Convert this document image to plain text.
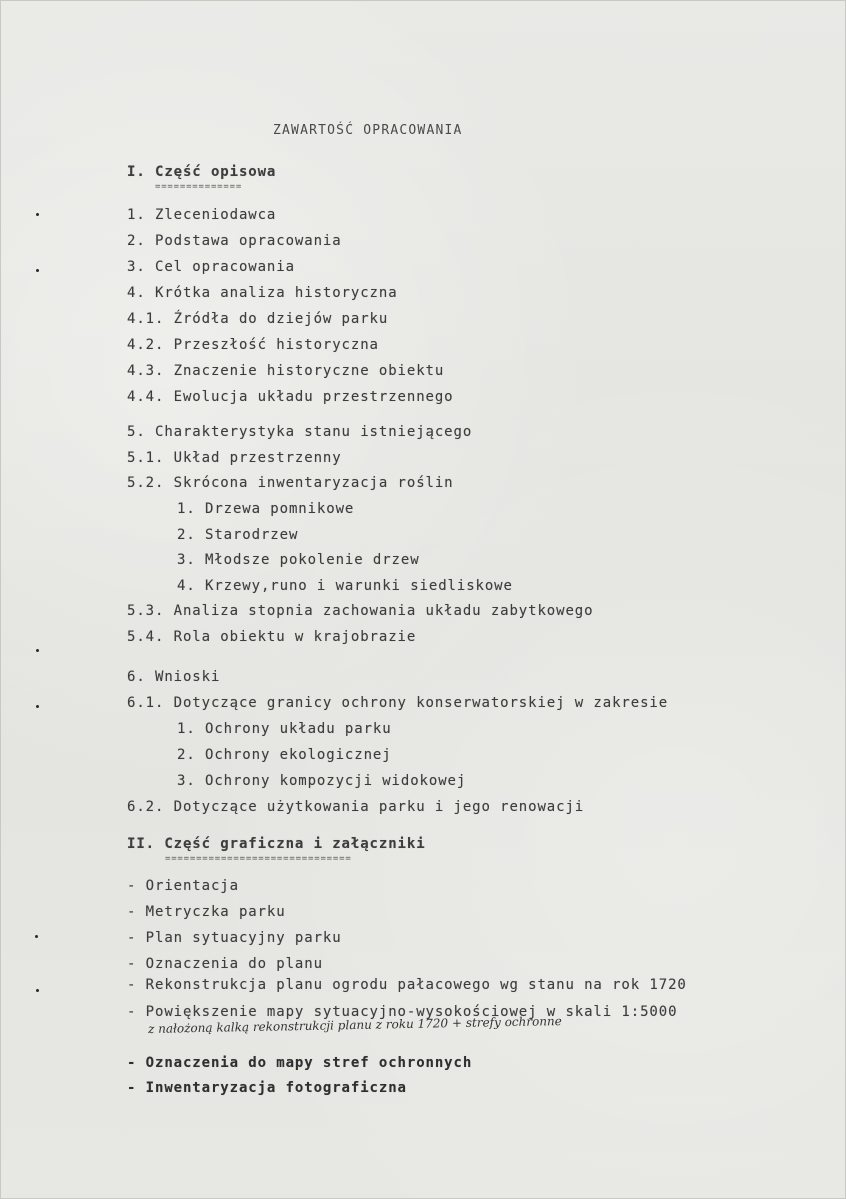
ZAWARTOŚĆ OPRACOWANIA
I. Część opisowa
==============
1. Zleceniodawca
2. Podstawa opracowania
3. Cel opracowania
4. Krótka analiza historyczna
4.1. Źródła do dziejów parku
4.2. Przeszłość historyczna
4.3. Znaczenie historyczne obiektu
4.4. Ewolucja układu przestrzennego
5. Charakterystyka stanu istniejącego
5.1. Układ przestrzenny
5.2. Skrócona inwentaryzacja roślin
1. Drzewa pomnikowe
2. Starodrzew
3. Młodsze pokolenie drzew
4. Krzewy,runo i warunki siedliskowe
5.3. Analiza stopnia zachowania układu zabytkowego
5.4. Rola obiektu w krajobrazie
6. Wnioski
6.1. Dotyczące granicy ochrony konserwatorskiej w zakresie
1. Ochrony układu parku
2. Ochrony ekologicznej
3. Ochrony kompozycji widokowej
6.2. Dotyczące użytkowania parku i jego renowacji
II. Część graficzna i załączniki
==============================
- Orientacja
- Metryczka parku
- Plan sytuacyjny parku
- Oznaczenia do planu
- Rekonstrukcja planu ogrodu pałacowego wg stanu na rok 1720
- Powiększenie mapy sytuacyjno-wysokościowej w skali 1:5000
z nałożoną kalką rekonstrukcji planu z roku 1720 + strefy ochronne
- Oznaczenia do mapy stref ochronnych
- Inwentaryzacja fotograficzna
